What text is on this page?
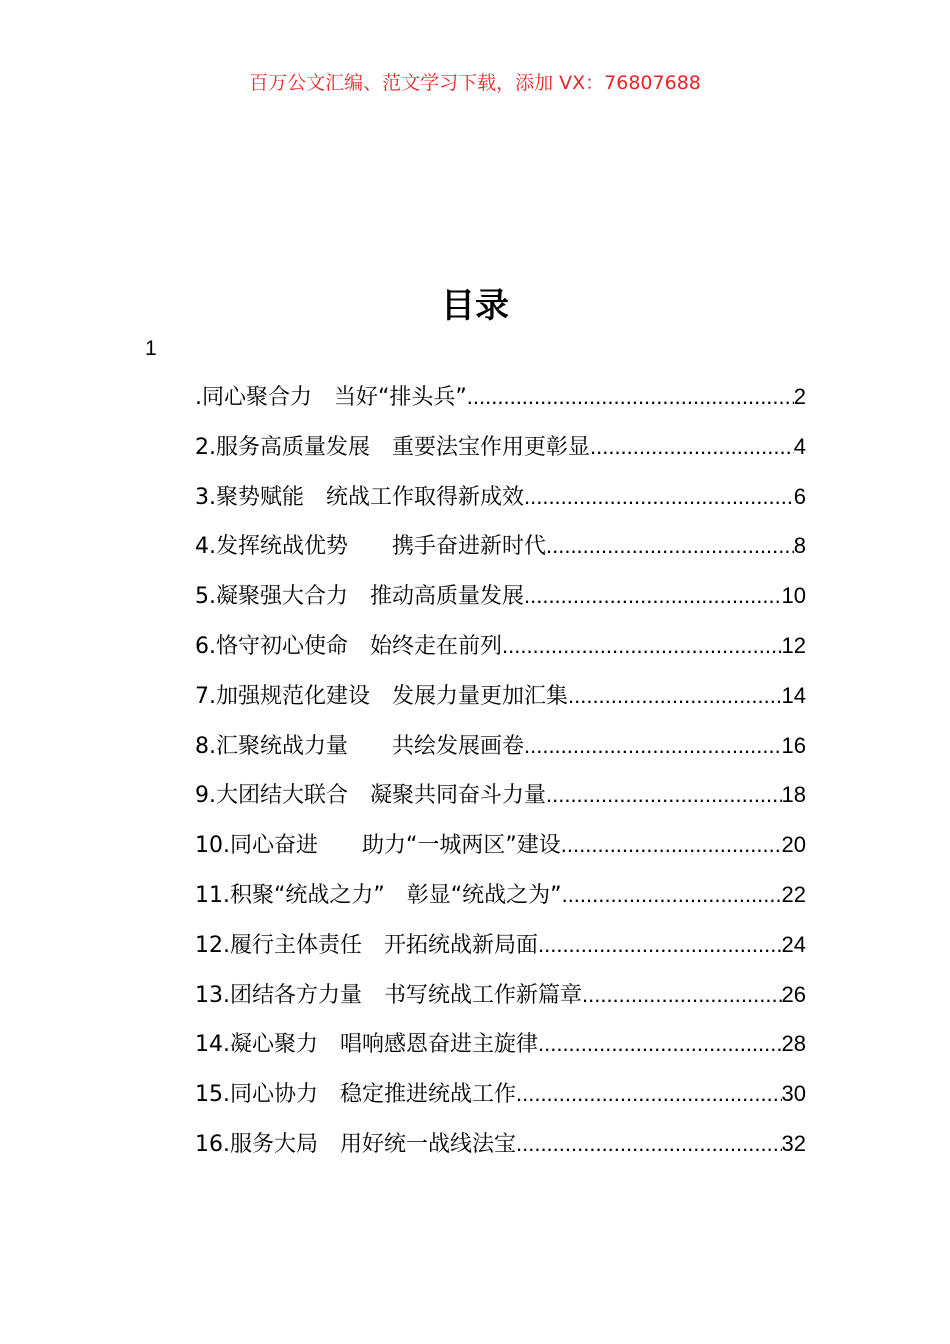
百万公文汇编、范文学习下载，添加 VX：76807688
目录
1
.同心聚合力　当好“排头兵” .....	2
2.服务高质量发展　重要法宝作用更彰显 .....	4
3.聚势赋能　统战工作取得新成效 .....	6
4.发挥统战优势　　携手奋进新时代 .....	8
5.凝聚强大合力　推动高质量发展 .....	10
6.恪守初心使命　始终走在前列 .....	12
7.加强规范化建设　发展力量更加汇集 .....	14
8.汇聚统战力量　　共绘发展画卷 .....	16
9.大团结大联合　凝聚共同奋斗力量 .....	18
10.同心奋进　　助力“一城两区”建设 .....	20
11.积聚“统战之力”　彰显“统战之为” .....	22
12.履行主体责任　开拓统战新局面 .....	24
13.团结各方力量　书写统战工作新篇章 .....	26
14.凝心聚力　唱响感恩奋进主旋律 .....	28
15.同心协力　稳定推进统战工作 .....	30
16.服务大局　用好统一战线法宝 .....	32
